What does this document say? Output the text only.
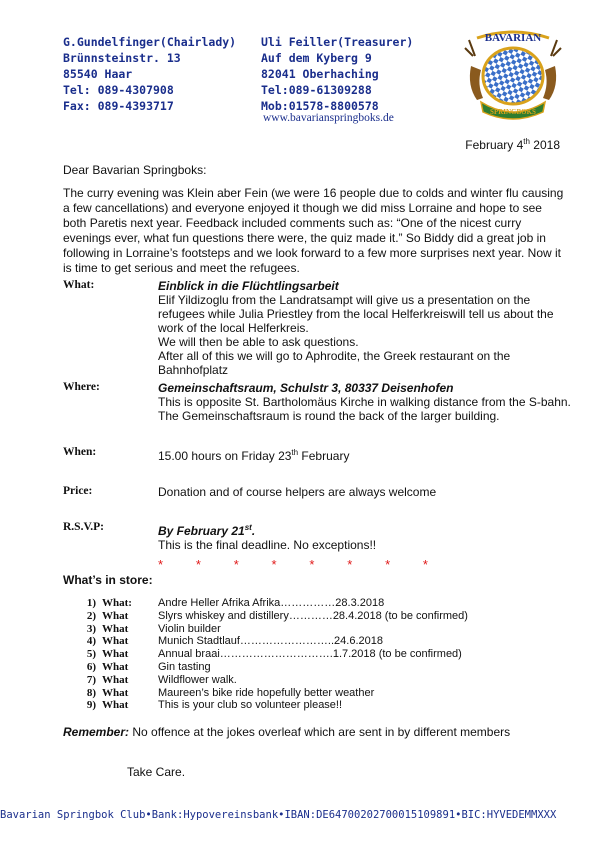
G.Gundelfinger(Chairlady)
Brünnsteinstr. 13
85540 Haar
Tel: 089-4307908
Fax: 089-4393717
Uli Feiller(Treasurer)
Auf dem Kyberg 9
82041 Oberhaching
Tel:089-61309288
Mob:01578-8800578
www.bavarianspringboks.de
BAVARIAN
SPRINGBOKS
February 4th 2018
Dear Bavarian Springboks:
The curry evening was Klein aber Fein (we were 16 people due to colds and winter flu causing a few cancellations) and everyone enjoyed it though we did miss Lorraine and hope to see both Paretis next year. Feedback included comments such as: “One of the nicest curry evenings ever, what fun questions there were, the quiz made it.” So Biddy did a great job in following in Lorraine’s footsteps and we look forward to a few more surprises next year. Now it is time to get serious and meet the refugees.
What:	Einblick in die Flüchtlingsarbeit
Elif Yildizoglu from the Landratsampt will give us a presentation on the refugees while Julia Priestley from the local Helferkreiswill tell us about the work of the local Helferkreis.
We will then be able to ask questions.
After all of this we will go to Aphrodite, the Greek restaurant on the Bahnhofplatz
Where:	Gemeinschaftsraum, Schulstr 3, 80337 Deisenhofen
This is opposite St. Bartholomäus Kirche in walking distance from the S-bahn. The Gemeinschaftsraum is round the back of the larger building.
When:	15.00 hours on Friday 23th February
Price:	Donation and of course helpers are always welcome
R.S.V.P:	By February 21st.
This is the final deadline. No exceptions!!
*	*	*	*	*	*	*	*
What’s in store:
1) What: Andre Heller Afrika Afrika……………28.3.2018
2) What	Slyrs whiskey and distillery…………28.4.2018 (to be confirmed)
3) What	Violin builder
4) What	Munich Stadtlauf……………………..24.6.2018
5) What	Annual braai………………………….1.7.2018 (to be confirmed)
6) What	Gin tasting
7) What	Wildflower walk.
8) What	Maureen’s bike ride hopefully better weather
9) What	This is your club so volunteer please!!
Remember: No offence at the jokes overleaf which are sent in by different members
Take Care.
Bavarian Springbok Club•Bank:Hypovereinsbank•IBAN:DE64700202700015109891•BIC:HYVEDEMMXXX
